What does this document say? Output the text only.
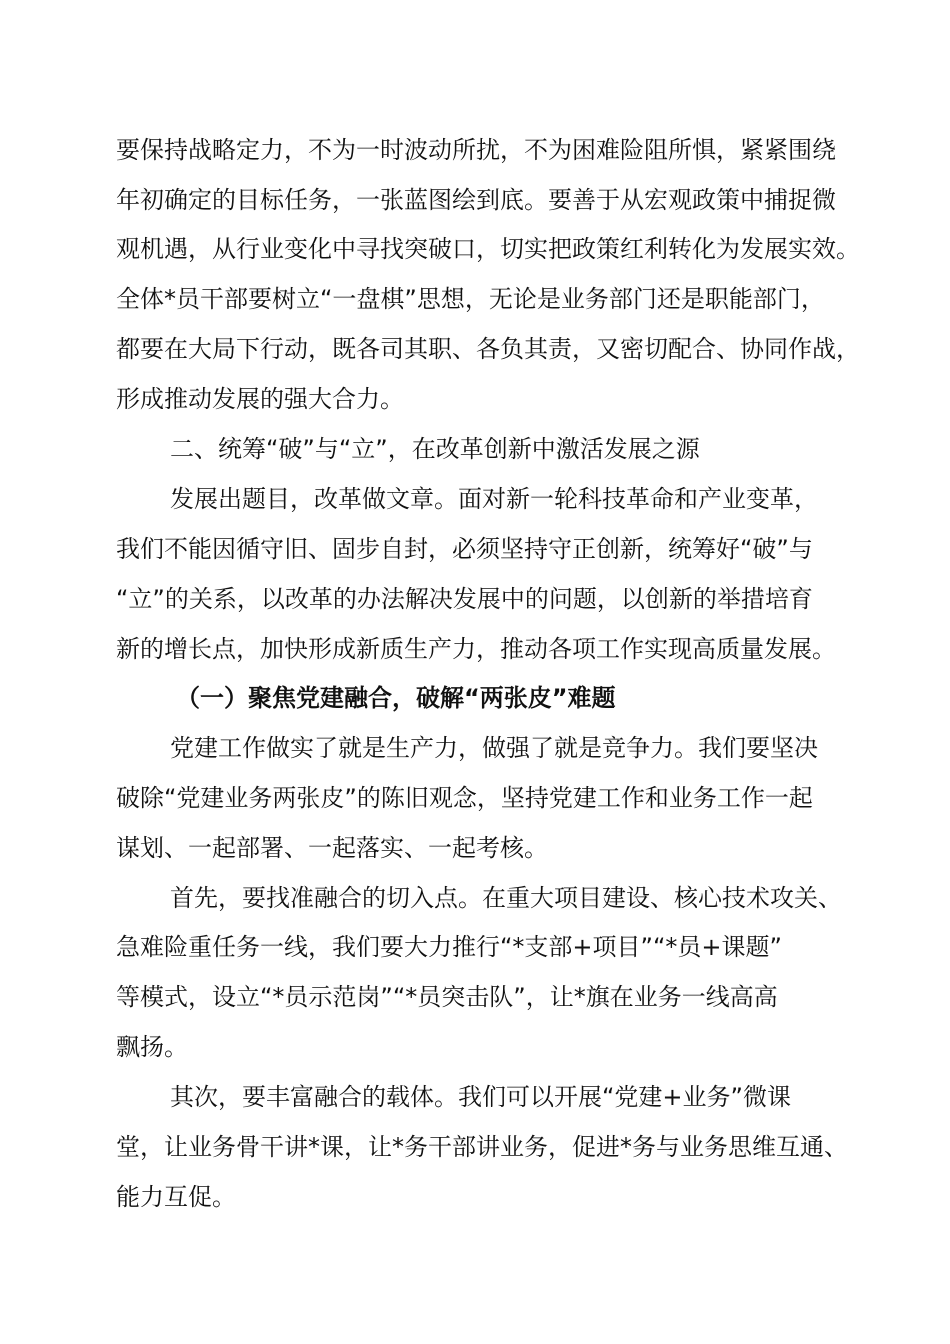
要保持战略定力，不为一时波动所扰，不为困难险阻所惧，紧紧围绕
年初确定的目标任务，一张蓝图绘到底。要善于从宏观政策中捕捉微
观机遇，从行业变化中寻找突破口，切实把政策红利转化为发展实效。
全体*员干部要树立“一盘棋”思想，无论是业务部门还是职能部门，
都要在大局下行动，既各司其职、各负其责，又密切配合、协同作战，
形成推动发展的强大合力。
二、统筹“破”与“立”，在改革创新中激活发展之源
发展出题目，改革做文章。面对新一轮科技革命和产业变革，
我们不能因循守旧、固步自封，必须坚持守正创新，统筹好“破”与
“立”的关系，以改革的办法解决发展中的问题，以创新的举措培育
新的增长点，加快形成新质生产力，推动各项工作实现高质量发展。
（一）聚焦党建融合，破解“两张皮”难题
党建工作做实了就是生产力，做强了就是竞争力。我们要坚决
破除“党建业务两张皮”的陈旧观念，坚持党建工作和业务工作一起
谋划、一起部署、一起落实、一起考核。
首先，要找准融合的切入点。在重大项目建设、核心技术攻关、
急难险重任务一线，我们要大力推行“*支部+项目”“*员+课题”
等模式，设立“*员示范岗”“*员突击队”，让*旗在业务一线高高
飘扬。
其次，要丰富融合的载体。我们可以开展“党建+业务”微课
堂，让业务骨干讲*课，让*务干部讲业务，促进*务与业务思维互通、
能力互促。
